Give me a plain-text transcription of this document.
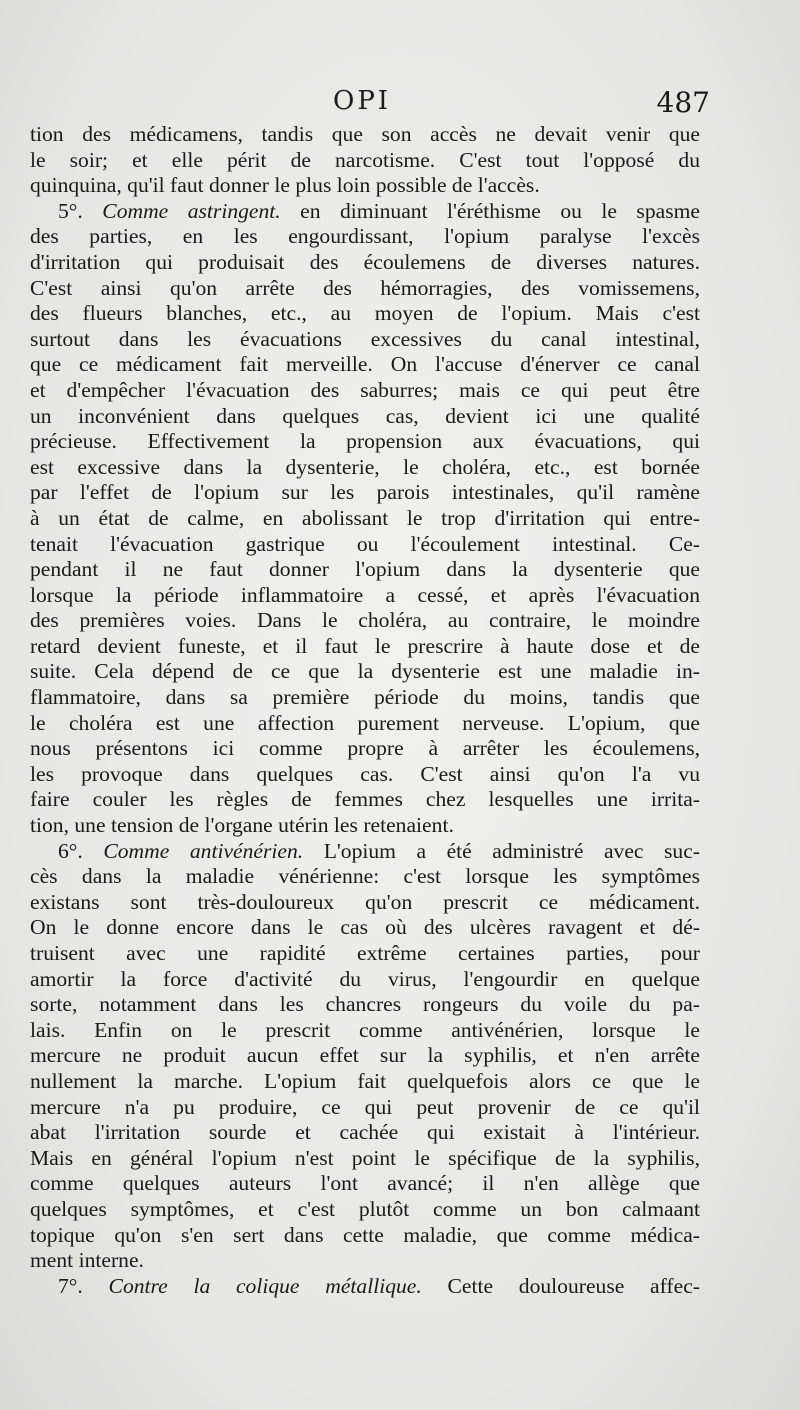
OPI	487
tion des médicamens, tandis que son accès ne devait venir que
le soir; et elle périt de narcotisme. C'est tout l'opposé du
quinquina, qu'il faut donner le plus loin possible de l'accès.
5°. Comme astringent. en diminuant l'éréthisme ou le spasme
des parties, en les engourdissant, l'opium paralyse l'excès
d'irritation qui produisait des écoulemens de diverses natures.
C'est ainsi qu'on arrête des hémorragies, des vomissemens,
des flueurs blanches, etc., au moyen de l'opium. Mais c'est
surtout dans les évacuations excessives du canal intestinal,
que ce médicament fait merveille. On l'accuse d'énerver ce canal
et d'empêcher l'évacuation des saburres; mais ce qui peut être
un inconvénient dans quelques cas, devient ici une qualité
précieuse. Effectivement la propension aux évacuations, qui
est excessive dans la dysenterie, le choléra, etc., est bornée
par l'effet de l'opium sur les parois intestinales, qu'il ramène
à un état de calme, en abolissant le trop d'irritation qui entre-
tenait l'évacuation gastrique ou l'écoulement intestinal. Ce-
pendant il ne faut donner l'opium dans la dysenterie que
lorsque la période inflammatoire a cessé, et après l'évacuation
des premières voies. Dans le choléra, au contraire, le moindre
retard devient funeste, et il faut le prescrire à haute dose et de
suite. Cela dépend de ce que la dysenterie est une maladie in-
flammatoire, dans sa première période du moins, tandis que
le choléra est une affection purement nerveuse. L'opium, que
nous présentons ici comme propre à arrêter les écoulemens,
les provoque dans quelques cas. C'est ainsi qu'on l'a vu
faire couler les règles de femmes chez lesquelles une irrita-
tion, une tension de l'organe utérin les retenaient.
6°. Comme antivénérien. L'opium a été administré avec suc-
cès dans la maladie vénérienne: c'est lorsque les symptômes
existans sont très-douloureux qu'on prescrit ce médicament.
On le donne encore dans le cas où des ulcères ravagent et dé-
truisent avec une rapidité extrême certaines parties, pour
amortir la force d'activité du virus, l'engourdir en quelque
sorte, notamment dans les chancres rongeurs du voile du pa-
lais. Enfin on le prescrit comme antivénérien, lorsque le
mercure ne produit aucun effet sur la syphilis, et n'en arrête
nullement la marche. L'opium fait quelquefois alors ce que le
mercure n'a pu produire, ce qui peut provenir de ce qu'il
abat l'irritation sourde et cachée qui existait à l'intérieur.
Mais en général l'opium n'est point le spécifique de la syphilis,
comme quelques auteurs l'ont avancé; il n'en allège que
quelques symptômes, et c'est plutôt comme un bon calmaant
topique qu'on s'en sert dans cette maladie, que comme médica-
ment interne.
7°. Contre la colique métallique. Cette douloureuse affec-
